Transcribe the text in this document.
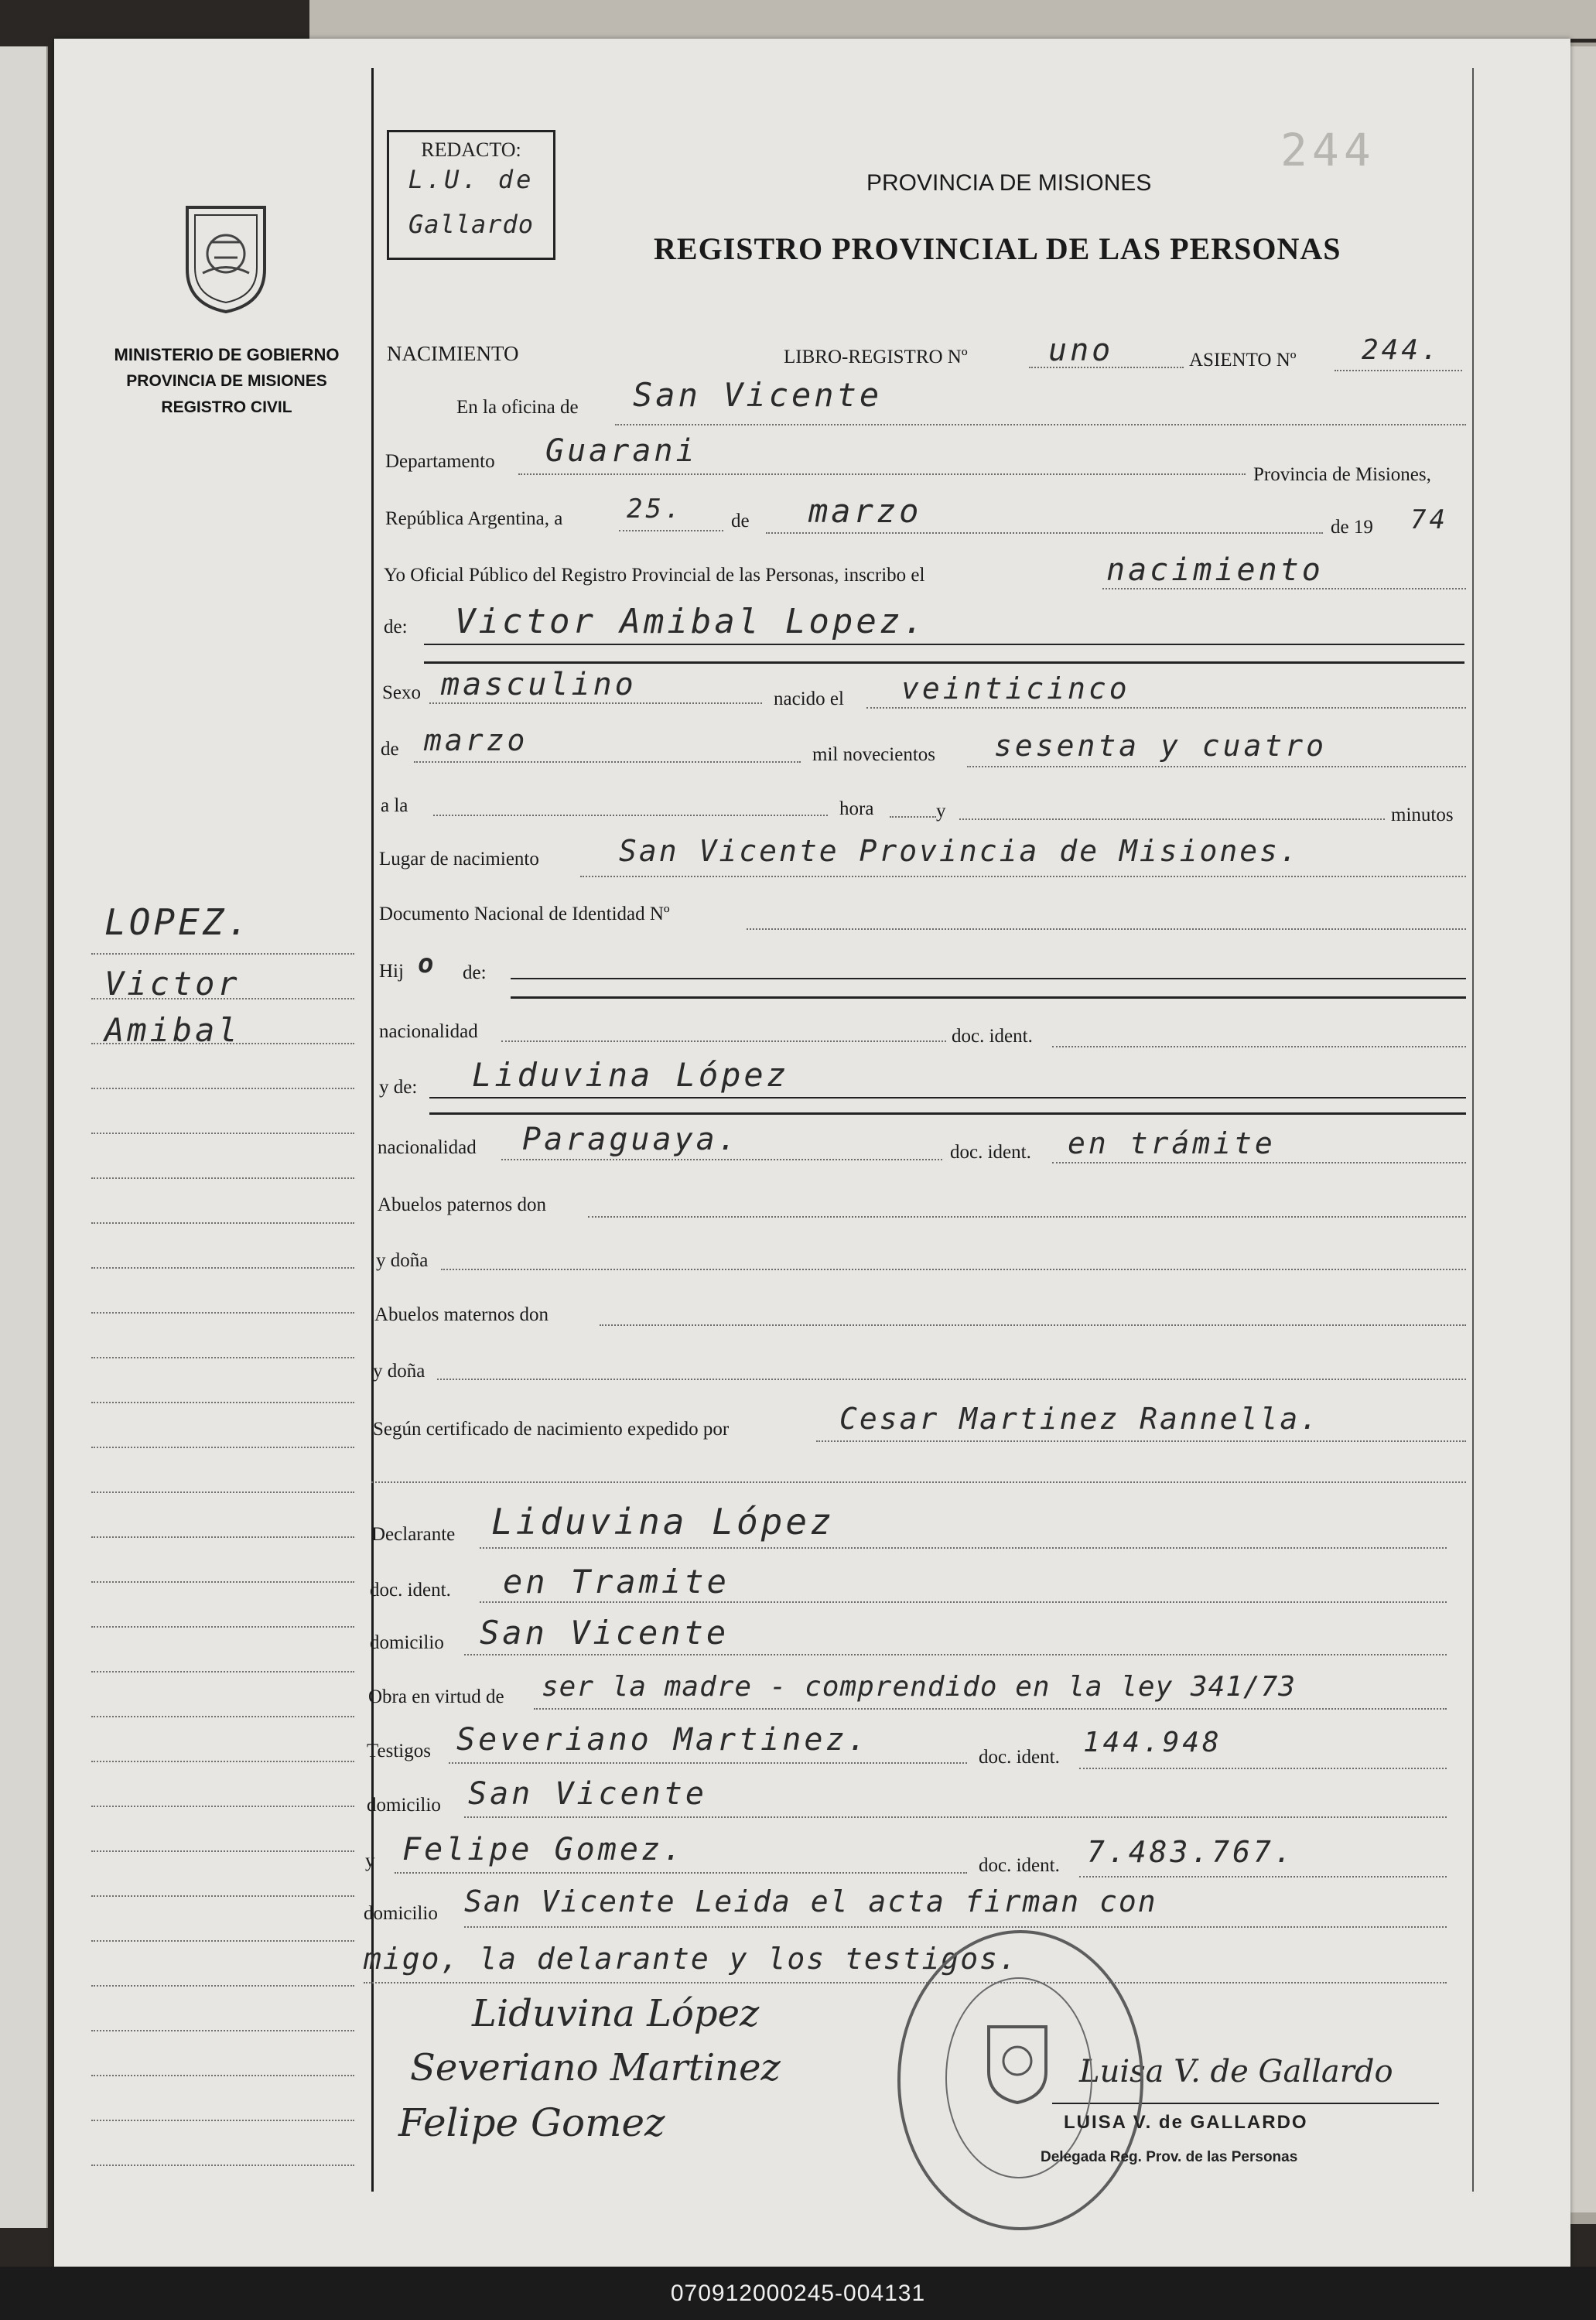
MINISTERIO DE GOBIERNO
PROVINCIA DE MISIONES
REGISTRO CIVIL
REDACTO:
L.U. de
Gallardo
244
PROVINCIA DE MISIONES
REGISTRO PROVINCIAL DE LAS PERSONAS
LOPEZ.
Victor
Amibal
NACIMIENTO	LIBRO-REGISTRO Nº	uno	ASIENTO Nº 244.
En la oficina de San Vicente
Departamento Guarani
Provincia de Misiones,
República Argentina, a 25. de marzo	de 19 74
Yo Oficial Público del Registro Provincial de las Personas, inscribo el	nacimiento
de: Victor Amibal Lopez.
Sexo masculino	nacido el veinticinco
de marzo	mil novecientos sesenta y cuatro
a la	hora	y	minutos
Lugar de nacimiento	San Vicente Provincia de Misiones.
Documento Nacional de Identidad Nº
Hij o de:
nacionalidad	doc. ident.
y de: Liduvina López
nacionalidad Paraguaya.	doc. ident. en trámite
Abuelos paternos don
y doña
Abuelos maternos don
y doña
Según certificado de nacimiento expedido por	Cesar Martinez Rannella.
Declarante Liduvina López
doc. ident. en Tramite
domicilio San Vicente
Obra en virtud de ser la madre - comprendido en la ley 341/73
Testigos Severiano Martinez.	doc. ident. 144.948
domicilio San Vicente
y Felipe Gomez.	doc. ident. 7.483.767.
domicilio San Vicente Leida el acta firman con
migo, la delarante y los testigos.
Liduvina López
Severiano Martinez
Felipe Gomez
Luisa V. de Gallardo
LUISA V. de GALLARDO
Delegada Reg. Prov. de las Personas
070912000245-004131
